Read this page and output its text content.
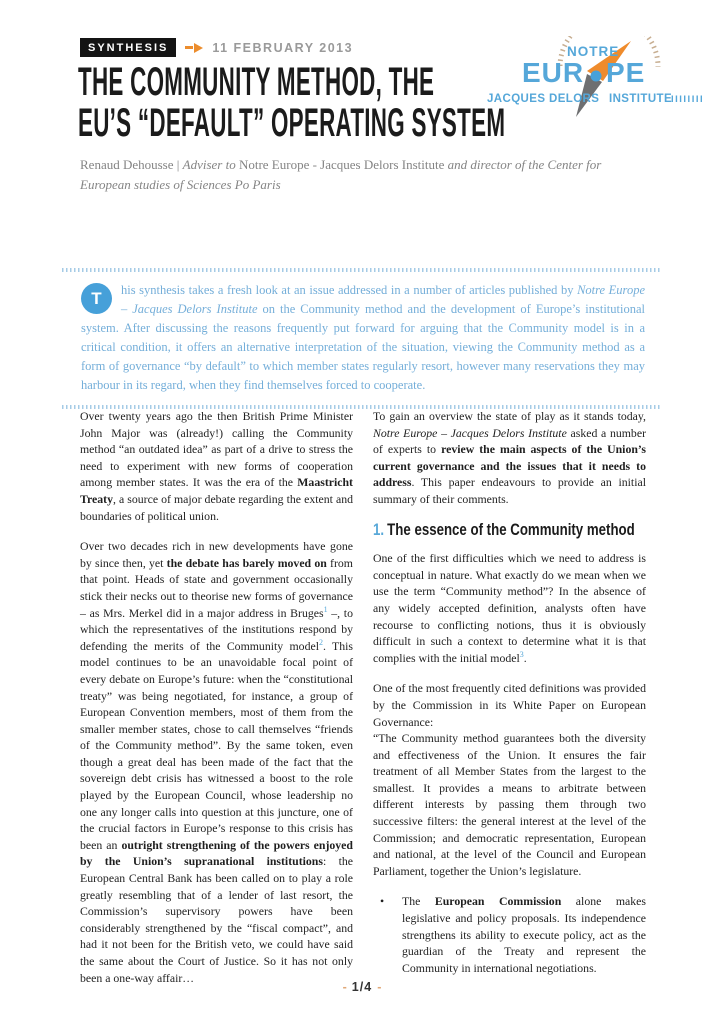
SYNTHESIS	11 FEBRUARY 2013	NOTRE
EUR PE
JACQUES DELORS INSTITUTE
IIIIIIII
THE COMMUNITY METHOD, THE
EU’S “DEFAULT” OPERATING SYSTEM

Renaud Dehousse | Adviser to Notre Europe - Jacques Delors Institute and director of the Center for European studies of Sciences Po Paris

T	his synthesis takes a fresh look at an issue addressed in a number of articles published by Notre Europe – Jacques Delors Institute on the Community method and the development of Europe’s institutional system. After discussing the reasons frequently put forward for arguing that the Community model is in a critical condition, it offers an alternative interpretation of the situation, viewing the Community method as a form of governance “by default” to which member states regularly resort, however many reservations they may harbour in its regard, when they find themselves forced to cooperate.

Over twenty years ago the then British Prime Minister John Major was (already!) calling the Community method “an outdated idea” as part of a drive to stress the need to experiment with new forms of cooperation among member states. It was the era of the Maastricht Treaty, a source of major debate regarding the extent and boundaries of political union.

Over two decades rich in new developments have gone by since then, yet the debate has barely moved on from that point. Heads of state and government occasionally stick their necks out to theorise new forms of governance – as Mrs. Merkel did in a major address in Bruges$^1$ –, to which the representatives of the institutions respond by defending the merits of the Community model$^2$. This model continues to be an unavoidable focal point of every debate on Europe’s future: when the “constitutional treaty” was being negotiated, for instance, a group of European Convention members, most of them from the smaller member states, chose to call themselves “friends of the Community method”. By the same token, even though a great deal has been made of the fact that the sovereign debt crisis has witnessed a boost to the role played by the European Council, whose leadership no one any longer calls into question at this juncture, one of the crucial factors in Europe’s response to this crisis has been an outright strengthening of the powers enjoyed by the Union’s supranational institutions: the European Central Bank has been called on to play a role greatly resembling that of a lender of last resort, the Commission’s supervisory powers have been considerably strengthened by the “fiscal compact”, and had it not been for the British veto, we could have said the same about the Court of Justice. So it has not only been a one-way affair…

To gain an overview the state of play as it stands today, Notre Europe – Jacques Delors Institute asked a number of experts to review the main aspects of the Union’s current governance and the issues that it needs to address. This paper endeavours to provide an initial summary of their comments.

1. The essence of the Community method

One of the first difficulties which we need to address is conceptual in nature. What exactly do we mean when we use the term “Community method”? In the absence of any widely accepted definition, analysts often have recourse to conflicting notions, thus it is obviously difficult in such a context to determine what it is that complies with the initial model$^3$.

One of the most frequently cited definitions was provided by the Commission in its White Paper on European Governance:

“The Community method guarantees both the diversity and effectiveness of the Union. It ensures the fair treatment of all Member States from the largest to the smallest. It provides a means to arbitrate between different interests by passing them through two successive filters: the general interest at the level of the Commission; and democratic representation, European and national, at the level of the Council and European Parliament, together the Union’s legislature.

• The European Commission alone makes legislative and policy proposals. Its independence strengthens its ability to execute policy, act as the guardian of the Treaty and represent the Community in international negotiations.

- 1/4 -
